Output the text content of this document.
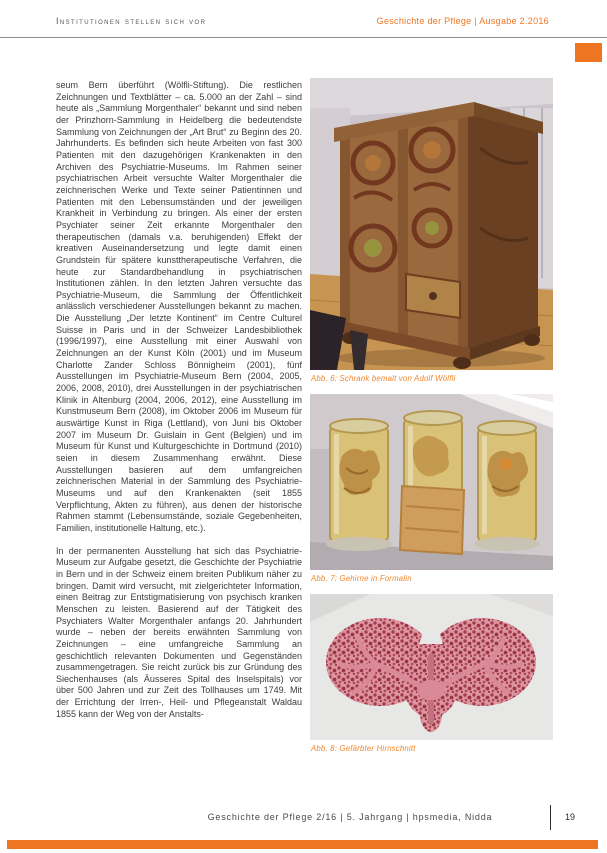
Institutionen stellen sich vor	Geschichte der Pflege | Ausgabe 2.2016

seum Bern überführt (Wölfli-Stiftung). Die restlichen Zeichnungen und Textblätter – ca. 5.000 an der Zahl – sind heute als „Sammlung Morgenthaler“ bekannt und sind neben der Prinzhorn-Sammlung in Heidelberg die bedeutendste Sammlung von Zeichnungen der „Art Brut“ zu Beginn des 20. Jahrhunderts. Es befinden sich heute Arbeiten von fast 300 Patienten mit den dazugehörigen Krankenakten in den Archiven des Psychiatrie-Museums. Im Rahmen seiner psychiatrischen Arbeit versuchte Walter Morgenthaler die zeichnerischen Werke und Texte seiner Patientinnen und Patienten mit den Lebensumständen und der jeweiligen Krankheit in Verbindung zu bringen. Als einer der ersten Psychiater seiner Zeit erkannte Morgenthaler den therapeutischen (damals v.a. beruhigenden) Effekt der kreativen Auseinandersetzung und legte damit einen Grundstein für spätere kunsttherapeutische Verfahren, die heute zur Standardbehandlung in psychiatrischen Institutionen zählen. In den letzten Jahren versuchte das Psychiatrie-Museum, die Sammlung der Öffentlichkeit anlässlich verschiedener Ausstellungen bekannt zu machen. Die Ausstellung „Der letzte Kontinent“ im Centre Culturel Suisse in Paris und in der Schweizer Landesbibliothek (1996/1997), eine Ausstellung mit einer Auswahl von Zeichnungen an der Kunst Köln (2001) und im Museum Charlotte Zander Schloss Bönnigheim (2001), fünf Ausstellungen im Psychiatrie-Museum Bern (2004, 2005, 2006, 2008, 2010), drei Ausstellungen in der psychiatrischen Klinik in Altenburg (2004, 2006, 2012), eine Ausstellung im Kunstmuseum Bern (2008), im Oktober 2006 im Museum für auswärtige Kunst in Riga (Lettland), von Juni bis Oktober 2007 im Museum Dr. Guislain in Gent (Belgien) und im Museum für Kunst und Kulturgeschichte in Dortmund (2010) seien in diesem Zusammenhang erwähnt. Diese Ausstellungen basieren auf dem umfangreichen zeichnerischen Material in der Sammlung des Psychiatrie-Museums und auf den Krankenakten (seit 1855 Verpflichtung, Akten zu führen), aus denen der historische Rahmen stammt (Lebensumstände, soziale Gegebenheiten, Familien, institutionelle Haltung, etc.).

In der permanenten Ausstellung hat sich das Psychiatrie-Museum zur Aufgabe gesetzt, die Geschichte der Psychiatrie in Bern und in der Schweiz einem breiten Publikum näher zu bringen. Damit wird versucht, mit zielgerichteter Information, einen Beitrag zur Entstigmatisierung von psychisch kranken Menschen zu leisten. Basierend auf der Tätigkeit des Psychiaters Walter Morgenthaler anfangs 20. Jahrhundert wurde – neben der bereits erwähnten Sammlung von Zeichnungen – eine umfangreiche Sammlung an geschichtlich relevanten Dokumenten und Gegenständen zusammengetragen. Sie reicht zurück bis zur Gründung des Siechenhauses (als Äusseres Spital des Inselspitals) vor über 500 Jahren und zur Zeit des Tollhauses um 1749. Mit der Errichtung der Irren-, Heil- und Pflegeanstalt Waldau 1855 kann der Weg von der Anstalts-

Abb. 6: Schrank bemalt von Adolf Wölfli
Abb. 7: Gehirne in Formalin
Abb. 8: Gefärbter Hirnschnitt
Geschichte der Pflege 2/16 | 5. Jahrgang | hpsmedia, Nidda	19
